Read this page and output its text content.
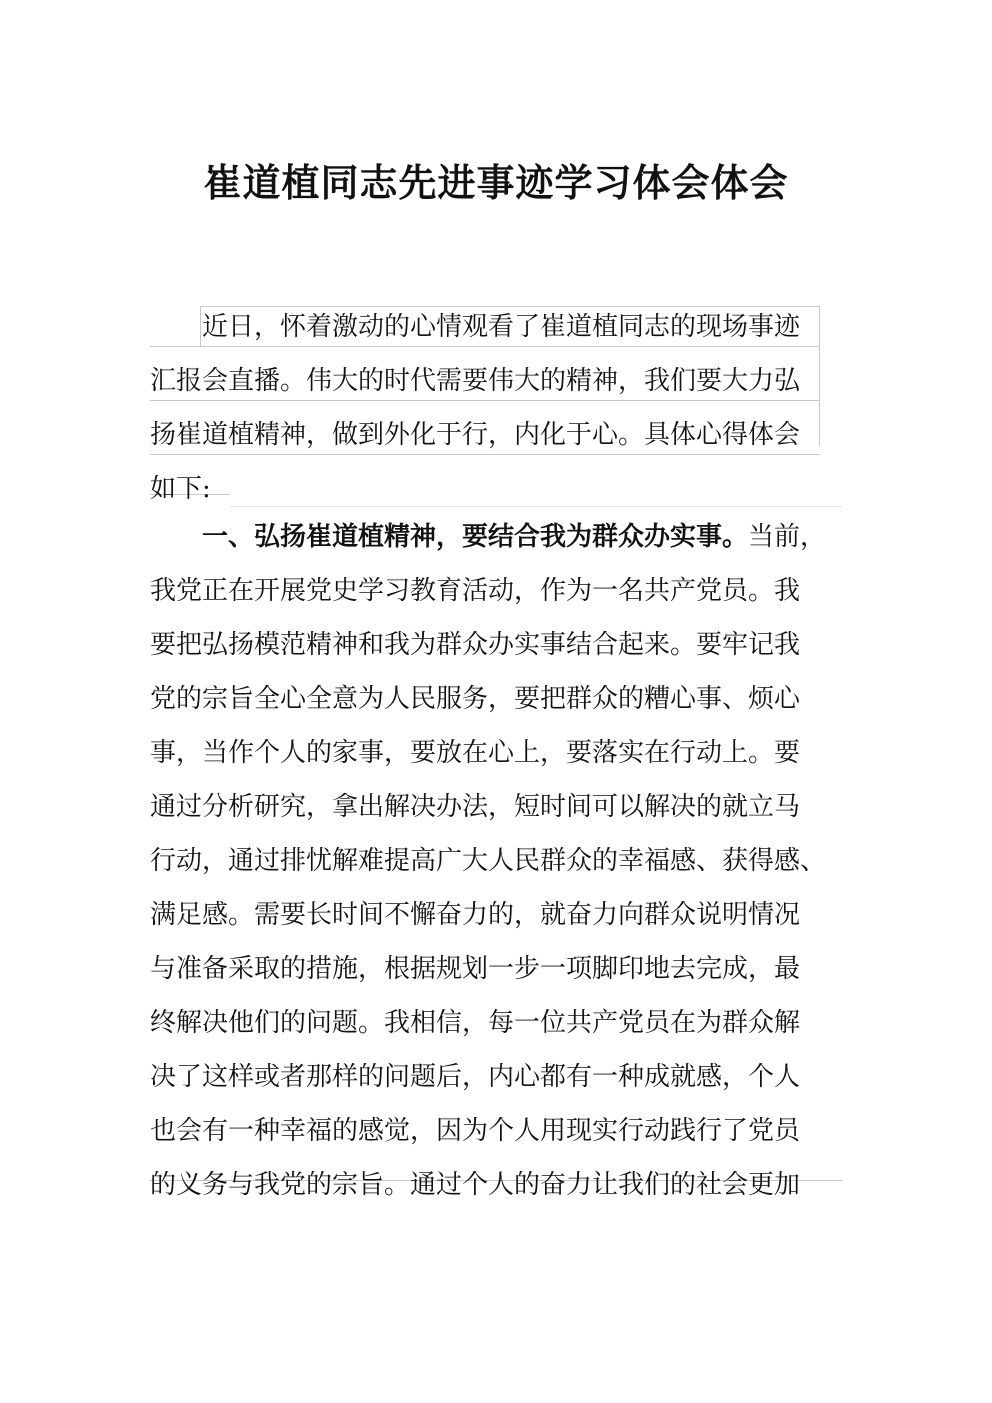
崔道植同志先进事迹学习体会体会
近日，怀着激动的心情观看了崔道植同志的现场事迹
汇报会直播。伟大的时代需要伟大的精神，我们要大力弘
扬崔道植精神，做到外化于行，内化于心。具体心得体会
如下:
一、弘扬崔道植精神，要结合我为群众办实事。当前，
我党正在开展党史学习教育活动，作为一名共产党员。我
要把弘扬模范精神和我为群众办实事结合起来。要牢记我
党的宗旨全心全意为人民服务，要把群众的糟心事、烦心
事，当作个人的家事，要放在心上，要落实在行动上。要
通过分析研究，拿出解决办法，短时间可以解决的就立马
行动，通过排忧解难提高广大人民群众的幸福感、获得感、
满足感。需要长时间不懈奋力的，就奋力向群众说明情况
与准备采取的措施，根据规划一步一项脚印地去完成，最
终解决他们的问题。我相信，每一位共产党员在为群众解
决了这样或者那样的问题后，内心都有一种成就感，个人
也会有一种幸福的感觉，因为个人用现实行动践行了党员
的义务与我党的宗旨。通过个人的奋力让我们的社会更加
